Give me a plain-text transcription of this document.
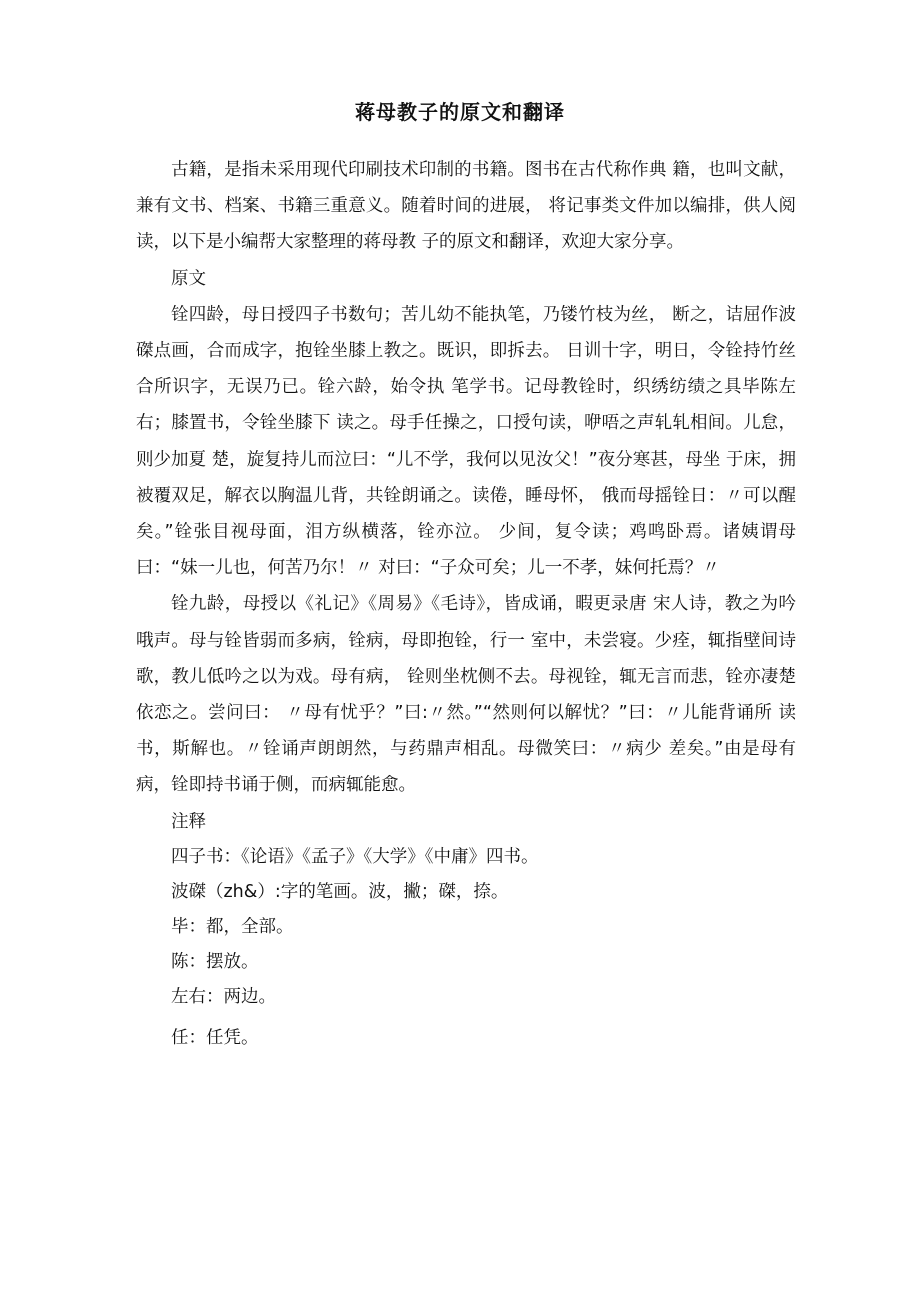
蒋母教子的原文和翻译

古籍，是指未采用现代印刷技术印制的书籍。图书在古代称作典 籍，也叫文献，兼有文书、档案、书籍三重意义。随着时间的进展， 将记事类文件加以编排，供人阅读，以下是小编帮大家整理的蒋母教 子的原文和翻译，欢迎大家分享。

原文

铨四龄，母日授四子书数句；苦儿幼不能执笔，乃镂竹枝为丝， 断之，诘屈作波磔点画，合而成字，抱铨坐膝上教之。既识，即拆去。 日训十字，明日，令铨持竹丝合所识字，无误乃已。铨六龄，始令执 笔学书。记母教铨时，织绣纺绩之具毕陈左右；膝置书，令铨坐膝下 读之。母手任操之，口授句读，咿唔之声轧轧相间。儿怠，则少加夏 楚，旋复持儿而泣曰：“儿不学，我何以见汝父！”夜分寒甚，母坐 于床，拥被覆双足，解衣以胸温儿背，共铨朗诵之。读倦，睡母怀， 俄而母摇铨日：〃可以醒矣。”铨张目视母面，泪方纵横落，铨亦泣。 少间，复令读；鸡鸣卧焉。诸姨谓母曰：“妹一儿也，何苦乃尔！〃 对曰：“子众可矣；儿一不孝，妹何托焉？〃

铨九龄，母授以《礼记》《周易》《毛诗》，皆成诵，暇更录唐 宋人诗，教之为吟哦声。母与铨皆弱而多病，铨病，母即抱铨，行一 室中，未尝寝。少痊，辄指壁间诗歌，教儿低吟之以为戏。母有病， 铨则坐枕侧不去。母视铨，辄无言而悲，铨亦凄楚依恋之。尝问曰： 〃母有忧乎？”曰:〃然。”“然则何以解忧？”曰：〃儿能背诵所 读书，斯解也。〃铨诵声朗朗然，与药鼎声相乱。母微笑曰：〃病少 差矣。”由是母有病，铨即持书诵于侧，而病辄能愈。

注释

四子书：《论语》《孟子》《大学》《中庸》四书。

波磔（zh&）:字的笔画。波，撇；磔，捺。

毕：都，全部。

陈：摆放。

左右：两边。

任：任凭。
